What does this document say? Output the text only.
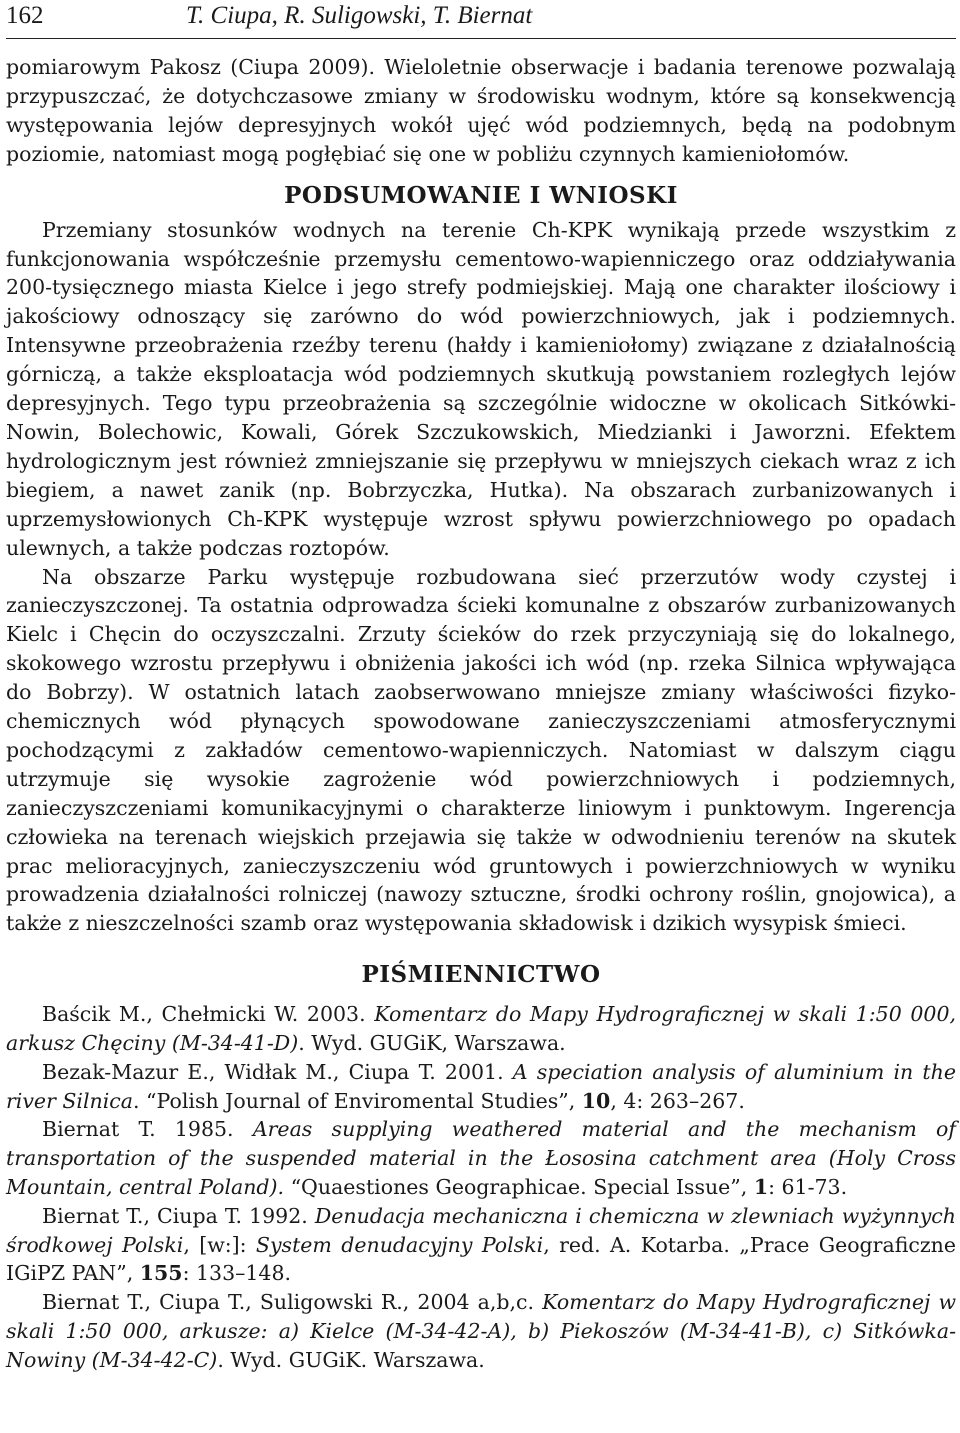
162	T. Ciupa, R. Suligowski, T. Biernat

pomiarowym Pakosz (Ciupa 2009). Wieloletnie obserwacje i badania terenowe pozwalają przypuszczać, że dotychczasowe zmiany w środowisku wodnym, które są konsekwencją występowania lejów depresyjnych wokół ujęć wód podziemnych, będą na podobnym poziomie, natomiast mogą pogłębiać się one w pobliżu czynnych kamieniołomów.

PODSUMOWANIE I WNIOSKI

Przemiany stosunków wodnych na terenie Ch-KPK wynikają przede wszystkim z funkcjonowania współcześnie przemysłu cementowo-wapienniczego oraz oddziaływania 200-tysięcznego miasta Kielce i jego strefy podmiejskiej. Mają one charakter ilościowy i jakościowy odnoszący się zarówno do wód powierzchniowych, jak i podziemnych. Intensywne przeobrażenia rzeźby terenu (hałdy i kamieniołomy) związane z działalnością górniczą, a także eksploatacja wód podziemnych skutkują powstaniem rozległych lejów depresyjnych. Tego typu przeobrażenia są szczególnie widoczne w okolicach Sitkówki-Nowin, Bolechowic, Kowali, Górek Szczukowskich, Miedzianki i Jaworzni. Efektem hydrologicznym jest również zmniejszanie się przepływu w mniejszych ciekach wraz z ich biegiem, a nawet zanik (np. Bobrzyczka, Hutka). Na obszarach zurbanizowanych i uprzemysłowionych Ch-KPK występuje wzrost spływu powierzchniowego po opadach ulewnych, a także podczas roztopów.

Na obszarze Parku występuje rozbudowana sieć przerzutów wody czystej i zanieczyszczonej. Ta ostatnia odprowadza ścieki komunalne z obszarów zurbanizowanych Kielc i Chęcin do oczyszczalni. Zrzuty ścieków do rzek przyczyniają się do lokalnego, skokowego wzrostu przepływu i obniżenia jakości ich wód (np. rzeka Silnica wpływająca do Bobrzy). W ostatnich latach zaobserwowano mniejsze zmiany właściwości fizyko-chemicznych wód płynących spowodowane zanieczyszczeniami atmosferycznymi pochodzącymi z zakładów cementowo-wapienniczych. Natomiast w dalszym ciągu utrzymuje się wysokie zagrożenie wód powierzchniowych i podziemnych, zanieczyszczeniami komunikacyjnymi o charakterze liniowym i punktowym. Ingerencja człowieka na terenach wiejskich przejawia się także w odwodnieniu terenów na skutek prac melioracyjnych, zanieczyszczeniu wód gruntowych i powierzchniowych w wyniku prowadzenia działalności rolniczej (nawozy sztuczne, środki ochrony roślin, gnojowica), a także z nieszczelności szamb oraz występowania składowisk i dzikich wysypisk śmieci.

PIŚMIENNICTWO

Baścik M., Chełmicki W. 2003. Komentarz do Mapy Hydrograficznej w skali 1:50 000, arkusz Chęciny (M-34-41-D). Wyd. GUGiK, Warszawa.

Bezak-Mazur E., Widłak M., Ciupa T. 2001. A speciation analysis of aluminium in the river Silnica. “Polish Journal of Enviromental Studies”, 10, 4: 263–267.

Biernat T. 1985. Areas supplying weathered material and the mechanism of transportation of the suspended material in the Łososina catchment area (Holy Cross Mountain, central Poland). “Quaestiones Geographicae. Special Issue”, 1: 61-73.

Biernat T., Ciupa T. 1992. Denudacja mechaniczna i chemiczna w zlewniach wyżynnych środkowej Polski, [w:]: System denudacyjny Polski, red. A. Kotarba. „Prace Geograficzne IGiPZ PAN”, 155: 133–148.

Biernat T., Ciupa T., Suligowski R., 2004 a,b,c. Komentarz do Mapy Hydrograficznej w skali 1:50 000, arkusze: a) Kielce (M-34-42-A), b) Piekoszów (M-34-41-B), c) Sitkówka-Nowiny (M-34-42-C). Wyd. GUGiK. Warszawa.
